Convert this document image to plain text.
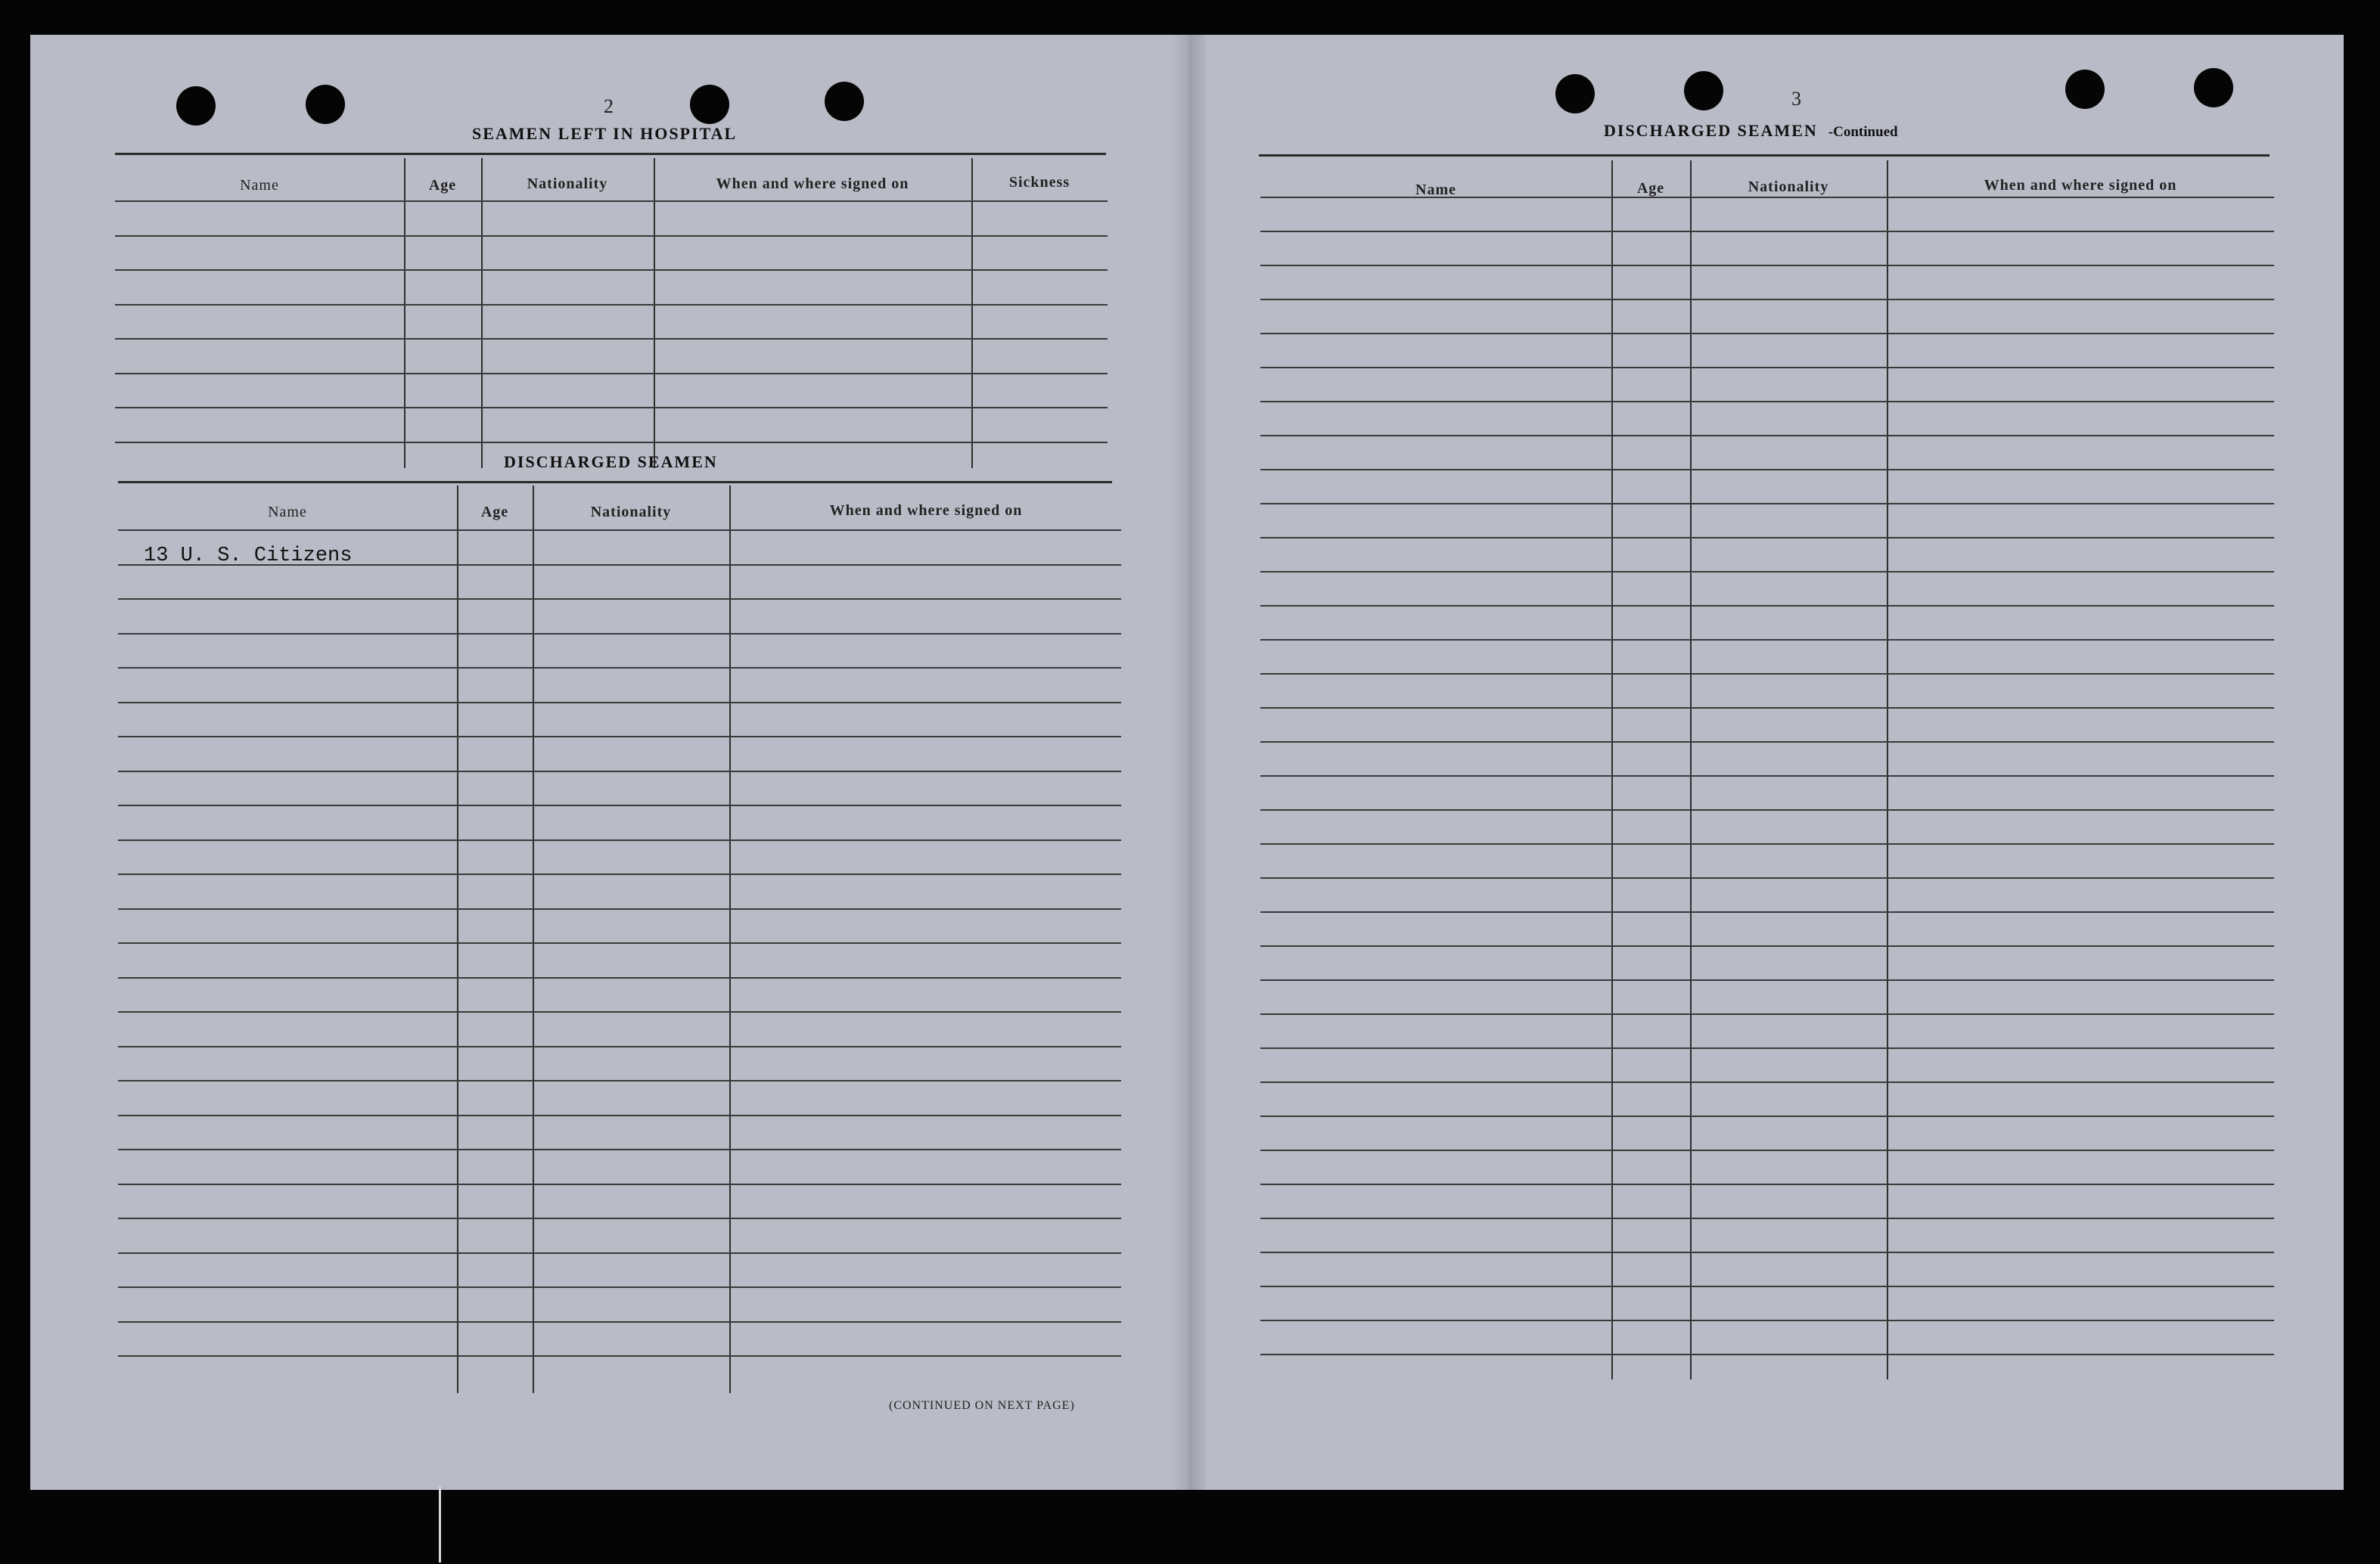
2
SEAMEN LEFT IN HOSPITAL
Name	Age	Nationality	When and where signed on	Sickness
DISCHARGED SEAMEN
Name	Age	Nationality	When and where signed on
13 U. S. Citizens
(CONTINUED ON NEXT PAGE)
3
DISCHARGED SEAMEN -Continued
Name	Age	Nationality	When and where signed on
